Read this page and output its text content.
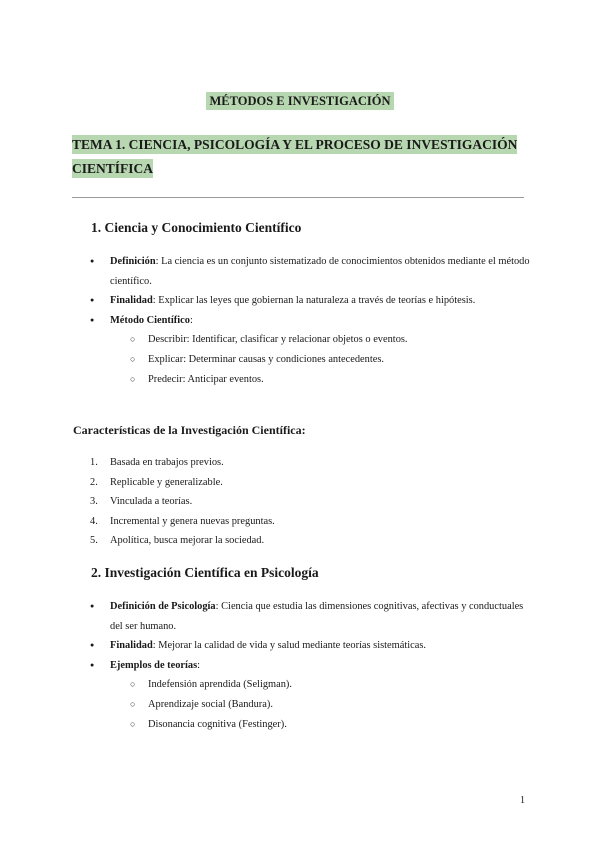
MÉTODOS E INVESTIGACIÓN
TEMA 1. CIENCIA, PSICOLOGÍA Y EL PROCESO DE INVESTIGACIÓN CIENTÍFICA
1. Ciencia y Conocimiento Científico
● Definición: La ciencia es un conjunto sistematizado de conocimientos obtenidos mediante el método científico.
● Finalidad: Explicar las leyes que gobiernan la naturaleza a través de teorías e hipótesis.
● Método Científico:
○ Describir: Identificar, clasificar y relacionar objetos o eventos.
○ Explicar: Determinar causas y condiciones antecedentes.
○ Predecir: Anticipar eventos.
Características de la Investigación Científica:
1. Basada en trabajos previos.
2. Replicable y generalizable.
3. Vinculada a teorías.
4. Incremental y genera nuevas preguntas.
5. Apolítica, busca mejorar la sociedad.
2. Investigación Científica en Psicología
● Definición de Psicología: Ciencia que estudia las dimensiones cognitivas, afectivas y conductuales del ser humano.
● Finalidad: Mejorar la calidad de vida y salud mediante teorías sistemáticas.
● Ejemplos de teorías:
○ Indefensión aprendida (Seligman).
○ Aprendizaje social (Bandura).
○ Disonancia cognitiva (Festinger).
1
